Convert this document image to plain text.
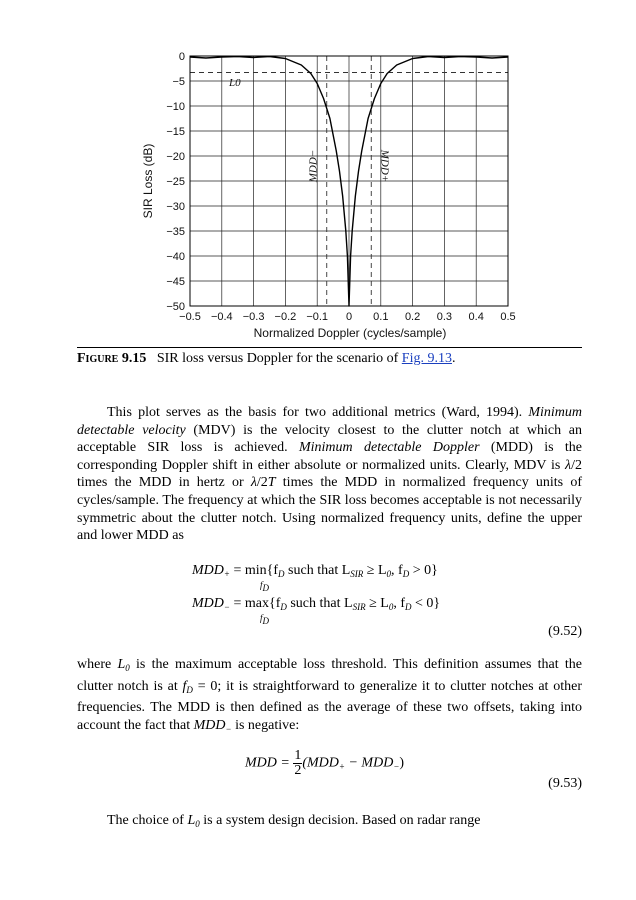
MDD−	MDD+
−0.5 −0.4 −0.3 −0.2 −0.1 0 0.1 0.2 0.3 0.4 0.5
0
−5
−10
−15
−20
−25
−30
−35
−40
−45
−50
Normalized Doppler (cycles/sample)
SIR Loss (dB)
L0
Figure 9.15 SIR loss versus Doppler for the scenario of Fig. 9.13.
This plot serves as the basis for two additional metrics (Ward, 1994). Minimum detectable velocity (MDV) is the velocity closest to the clutter notch at which an acceptable SIR loss is achieved. Minimum detectable Doppler (MDD) is the corresponding Doppler shift in either absolute or normalized units. Clearly, MDV is λ/2 times the MDD in hertz or λ/2T times the MDD in normalized frequency units of cycles/sample. The frequency at which the SIR loss becomes acceptable is not necessarily symmetric about the clutter notch. Using normalized frequency units, define the upper and lower MDD as
$MDD_+ = \min\{f_D$ such that $L_{SIR} \ge L_0$, $f_D > 0$}
fD
$MDD_- = \max\{f_D$ such that $L_{SIR} \ge L_0$, $f_D < 0$}
fD
(9.52)
where $L_0$ is the maximum acceptable loss threshold. This definition assumes that the clutter notch is at $f_D = 0$; it is straightforward to generalize it to clutter notches at other frequencies. The MDD is then defined as the average of these two offsets, taking into account the fact that $MDD_-$ is negative:
MDD = $\frac{1}{2} (MDD_+ - MDD_-)$
(9.53)
The choice of $L_0$ is a system design decision. Based on radar range
